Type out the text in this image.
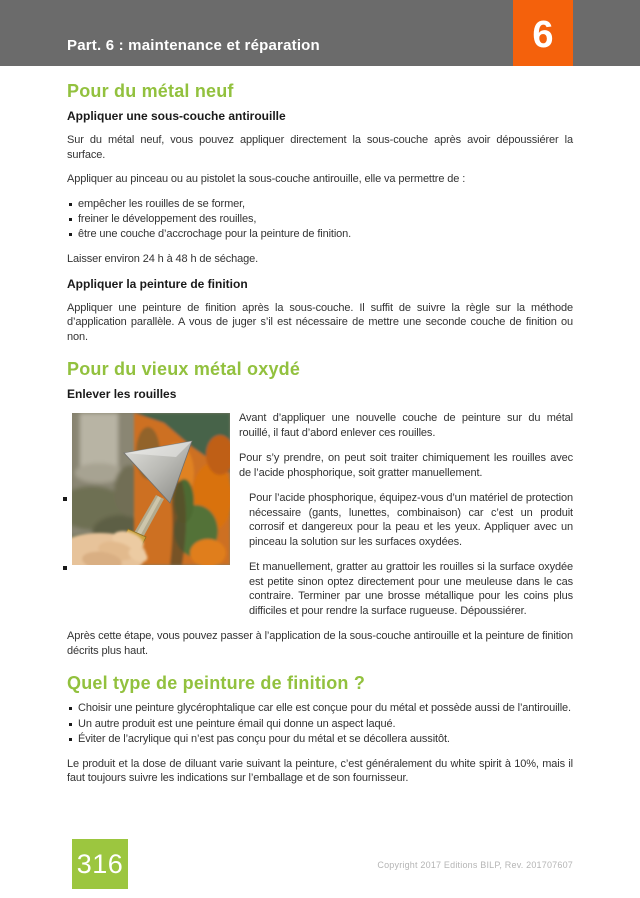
Part. 6 : maintenance et réparation	6
Pour du métal neuf
Appliquer une sous-couche antirouille

Sur du métal neuf, vous pouvez appliquer directement la sous-couche après avoir dépoussiérer la surface.

Appliquer au pinceau ou au pistolet la sous-couche antirouille, elle va permettre de :

empêcher les rouilles de se former,
freiner le développement des rouilles,
être une couche d’accrochage pour la peinture de finition.

Laisser environ 24 h à 48 h de séchage.

Appliquer la peinture de finition

Appliquer une peinture de finition après la sous-couche. Il suffit de suivre la règle sur la méthode d’application parallèle. A vous de juger s’il est nécessaire de mettre une seconde couche de finition ou non.

Pour du vieux métal oxydé
Enlever les rouilles

Avant d’appliquer une nouvelle couche de peinture sur du métal rouillé, il faut d’abord enlever ces rouilles.

Pour s’y prendre, on peut soit traiter chimiquement les rouilles avec de l’acide phosphorique, soit gratter manuellement.

Pour l’acide phosphorique, équipez-vous d’un matériel de protection nécessaire (gants, lunettes, combinaison) car c’est un produit corrosif et dangereux pour la peau et les yeux. Appliquer avec un pinceau la solution sur les surfaces oxydées.

Et manuellement, gratter au grattoir les rouilles si la surface oxydée est petite sinon optez directement pour une meuleuse dans le cas contraire. Terminer par une brosse métallique pour les coins plus difficiles et pour rendre la surface rugueuse. Dépoussiérer.

Après cette étape, vous pouvez passer à l’application de la sous-couche antirouille et la peinture de finition décrits plus haut.

Quel type de peinture de finition ?
Choisir une peinture glycérophtalique car elle est conçue pour du métal et possède aussi de l’antirouille.
Un autre produit est une peinture émail qui donne un aspect laqué.
Éviter de l’acrylique qui n’est pas conçu pour du métal et se décollera aussitôt.

Le produit et la dose de diluant varie suivant la peinture, c’est généralement du white spirit à 10%, mais il faut toujours suivre les indications sur l’emballage et de son fournisseur.

316	Copyright 2017 Editions BILP, Rev. 201707607
